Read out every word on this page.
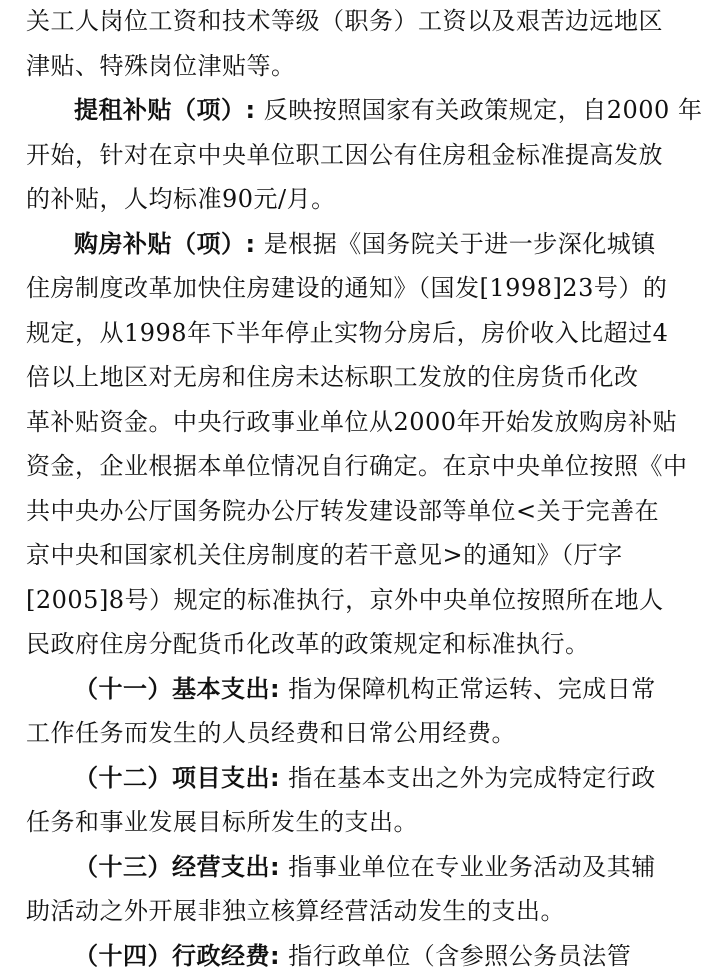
关工人岗位工资和技术等级（职务）工资以及艰苦边远地区
津贴、特殊岗位津贴等。
提租补贴（项）: 反映按照国家有关政策规定，自2000 年
开始，针对在京中央单位职工因公有住房租金标准提高发放
的补贴，人均标准90元/月。
购房补贴（项）: 是根据《国务院关于进一步深化城镇
住房制度改革加快住房建设的通知》（国发[1998]23号）的
规定，从1998年下半年停止实物分房后，房价收入比超过4
倍以上地区对无房和住房未达标职工发放的住房货币化改
革补贴资金。中央行政事业单位从2000年开始发放购房补贴
资金，企业根据本单位情况自行确定。在京中央单位按照《中
共中央办公厅国务院办公厅转发建设部等单位<关于完善在
京中央和国家机关住房制度的若干意见>的通知》（厅字
[2005]8号）规定的标准执行，京外中央单位按照所在地人
民政府住房分配货币化改革的政策规定和标准执行。
（十一）基本支出: 指为保障机构正常运转、完成日常
工作任务而发生的人员经费和日常公用经费。
（十二）项目支出: 指在基本支出之外为完成特定行政
任务和事业发展目标所发生的支出。
（十三）经营支出: 指事业单位在专业业务活动及其辅
助活动之外开展非独立核算经营活动发生的支出。
（十四）行政经费: 指行政单位（含参照公务员法管
